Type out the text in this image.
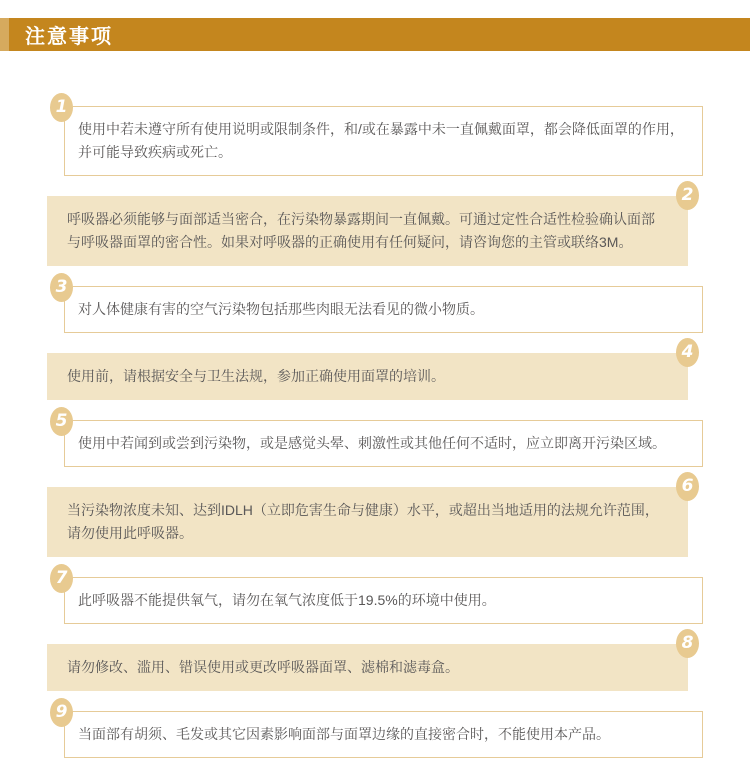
注意事项
1

使用中若未遵守所有使用说明或限制条件，和/或在暴露中未一直佩戴面罩，都会降低面罩的作用，并可能导致疾病或死亡。

2

呼吸器必须能够与面部适当密合，在污染物暴露期间一直佩戴。可通过定性合适性检验确认面部与呼吸器面罩的密合性。如果对呼吸器的正确使用有任何疑问，请咨询您的主管或联络3M。

3

对人体健康有害的空气污染物包括那些肉眼无法看见的微小物质。

4

使用前，请根据安全与卫生法规，参加正确使用面罩的培训。

5

使用中若闻到或尝到污染物，或是感觉头晕、刺激性或其他任何不适时，应立即离开污染区域。

6

当污染物浓度未知、达到IDLH（立即危害生命与健康）水平，或超出当地适用的法规允许范围，请勿使用此呼吸器。

7

此呼吸器不能提供氧气，请勿在氧气浓度低于19.5%的环境中使用。

8

请勿修改、滥用、错误使用或更改呼吸器面罩、滤棉和滤毒盒。

9

当面部有胡须、毛发或其它因素影响面部与面罩边缘的直接密合时，不能使用本产品。
